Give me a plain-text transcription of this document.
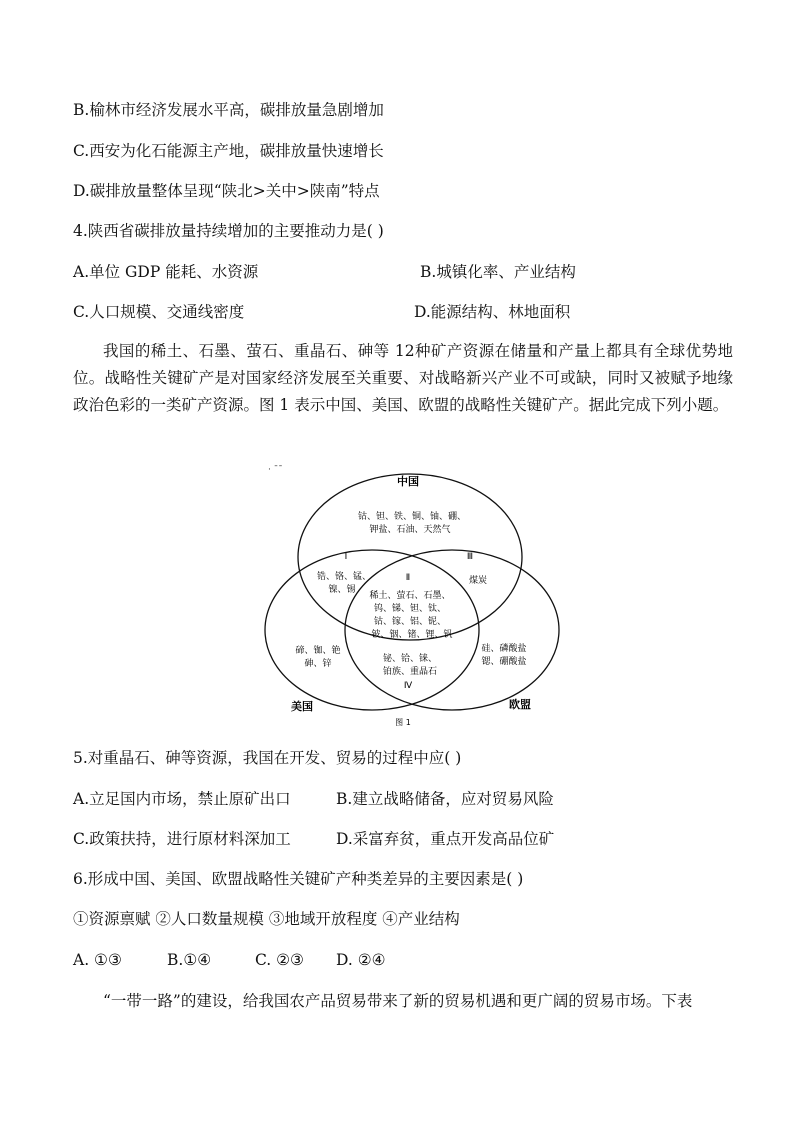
B.榆林市经济发展水平高，碳排放量急剧增加
C.西安为化石能源主产地，碳排放量快速增长
D.碳排放量整体呈现“陕北>关中>陕南”特点
4.陕西省碳排放量持续增加的主要推动力是( )
A.单位 GDP 能耗、水资源	B.城镇化率、产业结构
C.人口规模、交通线密度	D.能源结构、林地面积
我国的稀土、石墨、萤石、重晶石、砷等 12种矿产资源在储量和产量上都具有全球优势地位。战略性关键矿产是对国家经济发展至关重要、对战略新兴产业不可或缺，同时又被赋予地缘政治色彩的一类矿产资源。图 1 表示中国、美国、欧盟的战略性关键矿产。据此完成下列小题。
· ˉˉ
中国
美国	欧盟
钴、钽、铁、铜、铀、硼、
钾盐、石油、天然气
Ⅰ
锆、铬、锰、
镍、锡
Ⅱ
稀土、萤石、石墨、
钨、锑、钽、钛、
钴、镓、铝、铌、
铍、铟、锗、锂、钒
Ⅲ
煤炭
铋、铪、铼、
铂族、重晶石
Ⅳ
碲、铷、铯
砷、锌
硅、磷酸盐
锶、硼酸盐
图 1
5.对重晶石、砷等资源，我国在开发、贸易的过程中应( )
A.立足国内市场，禁止原矿出口	B.建立战略储备，应对贸易风险
C.政策扶持，进行原材料深加工	D.采富弃贫，重点开发高品位矿
6.形成中国、美国、欧盟战略性关键矿产种类差异的主要因素是( )
①资源禀赋 ②人口数量规模 ③地域开放程度 ④产业结构
A. ①③	B.①④	C. ②③ D. ②④
“一带一路”的建设，给我国农产品贸易带来了新的贸易机遇和更广阔的贸易市场。下表
